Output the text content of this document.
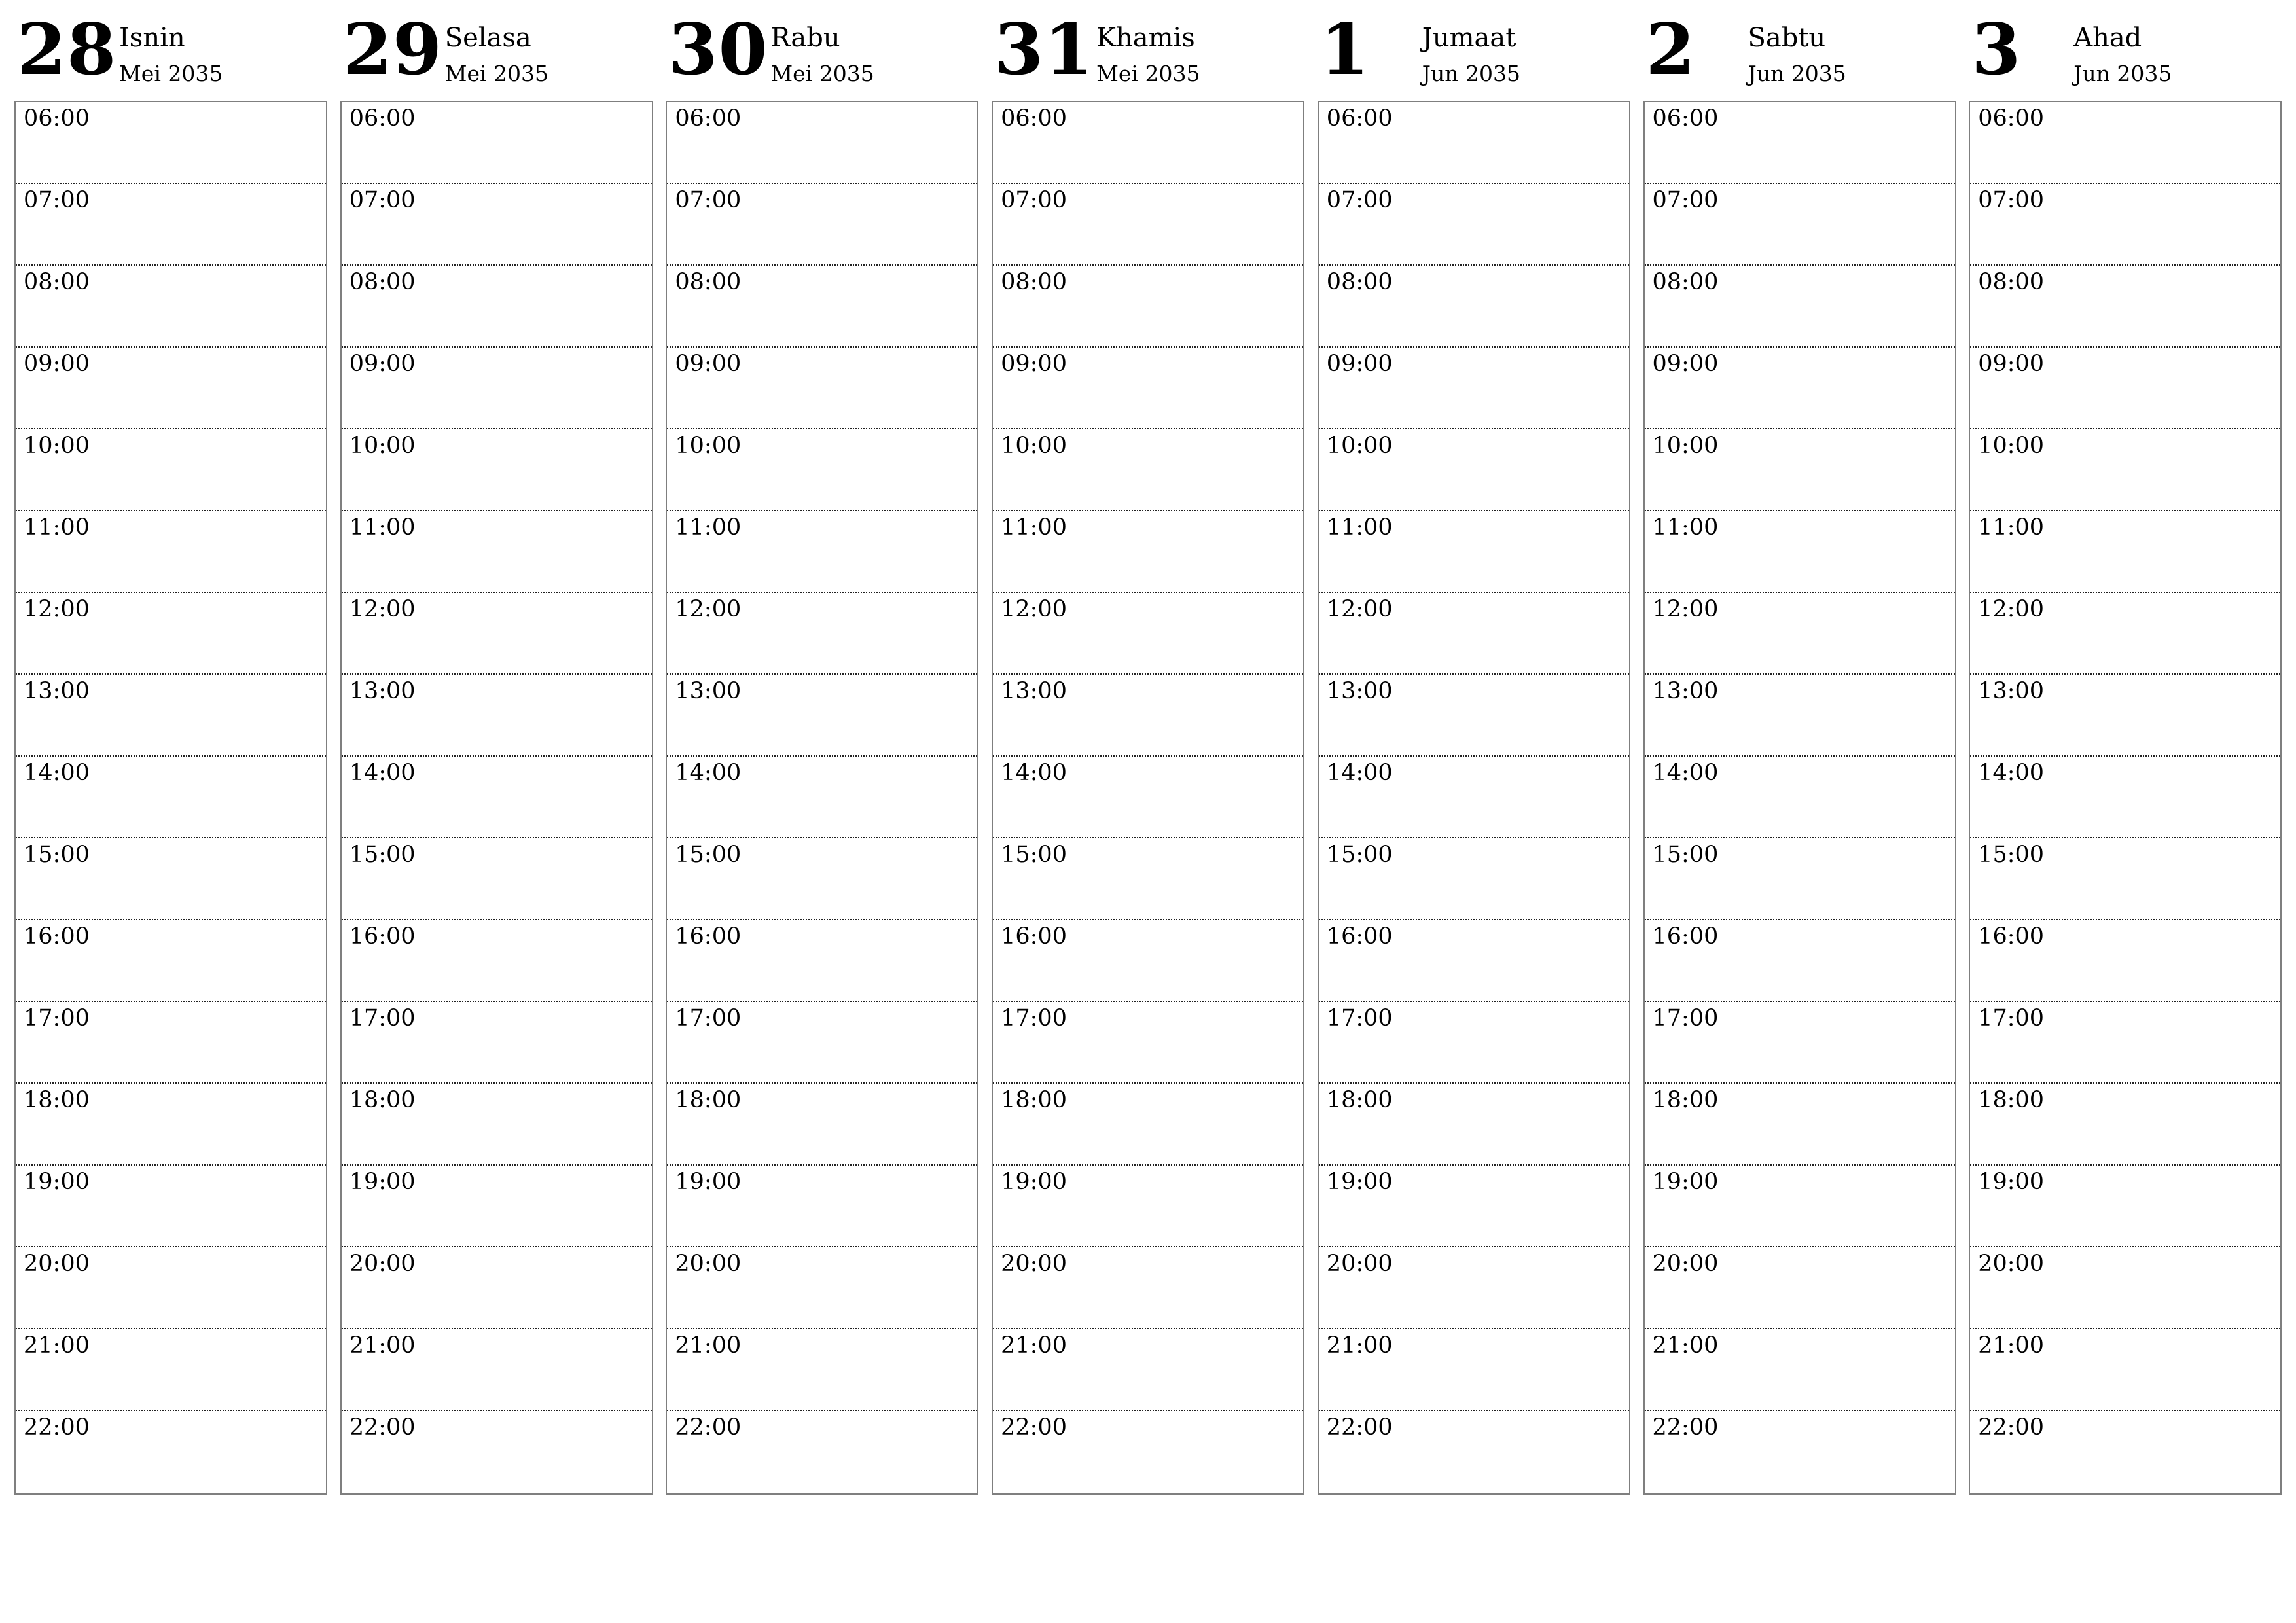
28 Isnin
Mei 2035
06:00
07:00
08:00
09:00
10:00
11:00
12:00
13:00
14:00
15:00
16:00
17:00
18:00
19:00
20:00
21:00
22:00
29 Selasa
Mei 2035
06:00
07:00
08:00
09:00
10:00
11:00
12:00
13:00
14:00
15:00
16:00
17:00
18:00
19:00
20:00
21:00
22:00
30 Rabu
Mei 2035
06:00
07:00
08:00
09:00
10:00
11:00
12:00
13:00
14:00
15:00
16:00
17:00
18:00
19:00
20:00
21:00
22:00
31 Khamis
Mei 2035
06:00
07:00
08:00
09:00
10:00
11:00
12:00
13:00
14:00
15:00
16:00
17:00
18:00
19:00
20:00
21:00
22:00
1 Jumaat
Jun 2035
06:00
07:00
08:00
09:00
10:00
11:00
12:00
13:00
14:00
15:00
16:00
17:00
18:00
19:00
20:00
21:00
22:00
2 Sabtu
Jun 2035
06:00
07:00
08:00
09:00
10:00
11:00
12:00
13:00
14:00
15:00
16:00
17:00
18:00
19:00
20:00
21:00
22:00
3 Ahad
Jun 2035
06:00
07:00
08:00
09:00
10:00
11:00
12:00
13:00
14:00
15:00
16:00
17:00
18:00
19:00
20:00
21:00
22:00
